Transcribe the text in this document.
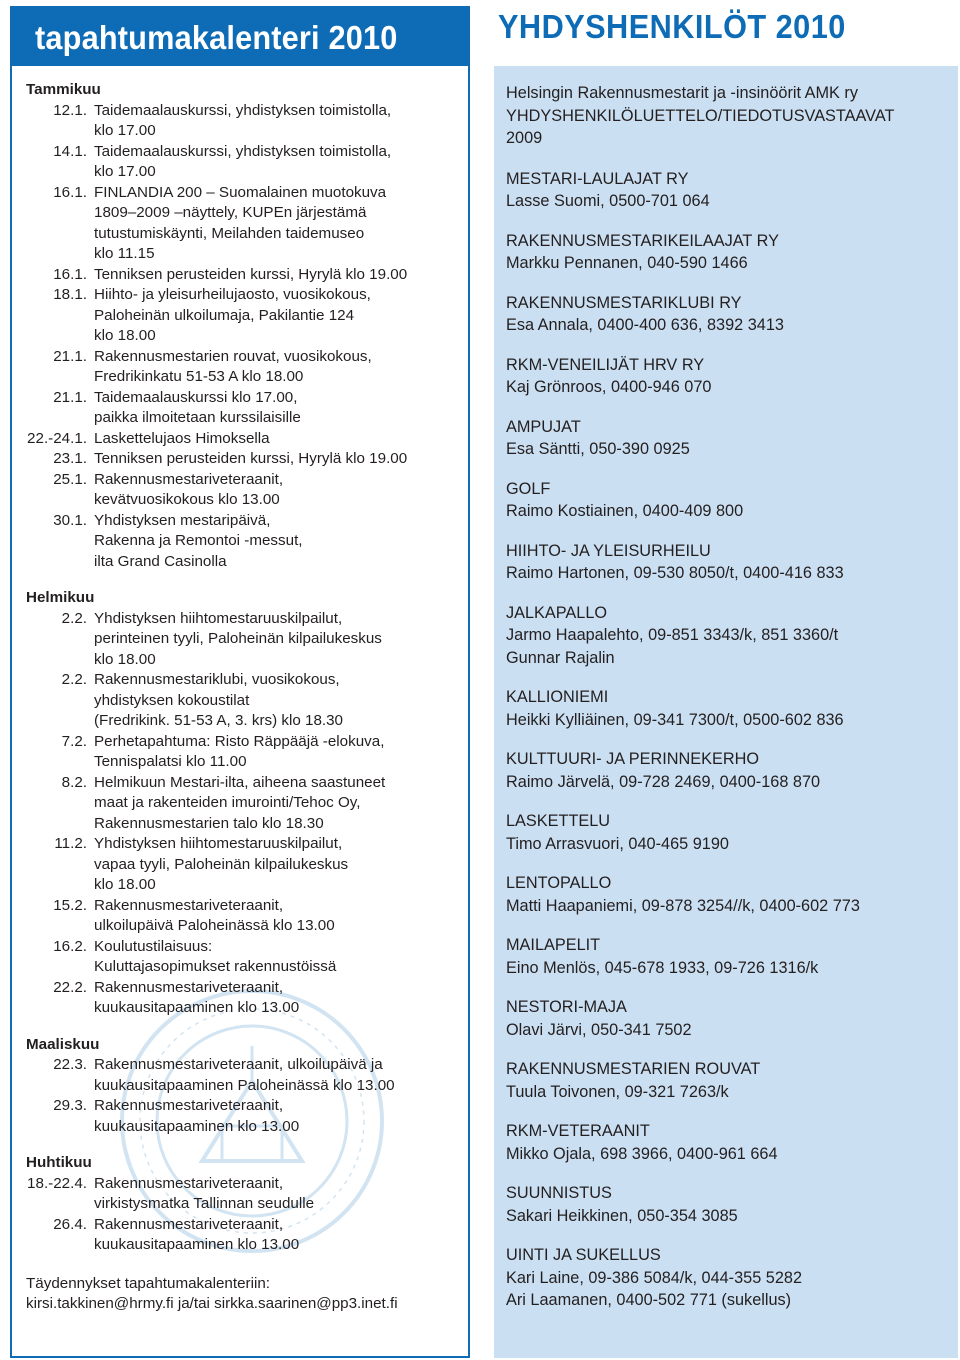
tapahtumakalenteri 2010
Tammikuu
12.1. Taidemaalauskurssi, yhdistyksen toimistolla,
klo 17.00
14.1. Taidemaalauskurssi, yhdistyksen toimistolla,
klo 17.00
16.1. FINLANDIA 200 – Suomalainen muotokuva
1809–2009 –näyttely, KUPEn järjestämä
tutustumiskäynti, Meilahden taidemuseo
klo 11.15
16.1. Tenniksen perusteiden kurssi, Hyrylä klo 19.00
18.1. Hiihto- ja yleisurheilujaosto, vuosikokous,
Paloheinän ulkoilumaja, Pakilantie 124
klo 18.00
21.1. Rakennusmestarien rouvat, vuosikokous,
Fredrikinkatu 51-53 A klo 18.00
21.1. Taidemaalauskurssi klo 17.00,
paikka ilmoitetaan kurssilaisille
22.-24.1. Laskettelujaos Himoksella
23.1. Tenniksen perusteiden kurssi, Hyrylä klo 19.00
25.1. Rakennusmestariveteraanit,
kevätvuosikokous klo 13.00
30.1. Yhdistyksen mestaripäivä,
Rakenna ja Remontoi -messut,
ilta Grand Casinolla
Helmikuu
2.2. Yhdistyksen hiihtomestaruuskilpailut,
perinteinen tyyli, Paloheinän kilpailukeskus
klo 18.00
2.2. Rakennusmestariklubi, vuosikokous,
yhdistyksen kokoustilat
(Fredrikink. 51-53 A, 3. krs) klo 18.30
7.2. Perhetapahtuma: Risto Räppääjä -elokuva,
Tennispalatsi klo 11.00
8.2. Helmikuun Mestari-ilta, aiheena saastuneet
maat ja rakenteiden imurointi/Tehoc Oy,
Rakennusmestarien talo klo 18.30
11.2. Yhdistyksen hiihtomestaruuskilpailut,
vapaa tyyli, Paloheinän kilpailukeskus
klo 18.00
15.2. Rakennusmestariveteraanit,
ulkoilupäivä Paloheinässä klo 13.00
16.2. Koulutustilaisuus:
Kuluttajasopimukset rakennustöissä
22.2. Rakennusmestariveteraanit,
kuukausitapaaminen klo 13.00
Maaliskuu
22.3. Rakennusmestariveteraanit, ulkoilupäivä ja
kuukausitapaaminen Paloheinässä klo 13.00
29.3. Rakennusmestariveteraanit,
kuukausitapaaminen klo 13.00
Huhtikuu
18.-22.4. Rakennusmestariveteraanit,
virkistysmatka Tallinnan seudulle
26.4. Rakennusmestariveteraanit,
kuukausitapaaminen klo 13.00
Täydennykset tapahtumakalenteriin:
kirsi.takkinen@hrmy.fi ja/tai sirkka.saarinen@pp3.inet.fi
YHDYSHENKILÖT 2010
Helsingin Rakennusmestarit ja -insinöörit AMK ry
YHDYSHENKILÖLUETTELO/TIEDOTUSVASTAAVAT
2009
MESTARI-LAULAJAT RY
Lasse Suomi, 0500-701 064
RAKENNUSMESTARIKEILAAJAT RY
Markku Pennanen, 040-590 1466
RAKENNUSMESTARIKLUBI RY
Esa Annala, 0400-400 636, 8392 3413
RKM-VENEILIJÄT HRV RY
Kaj Grönroos, 0400-946 070
AMPUJAT
Esa Säntti, 050-390 0925
GOLF
Raimo Kostiainen, 0400-409 800
HIIHTO- JA YLEISURHEILU
Raimo Hartonen, 09-530 8050/t, 0400-416 833
JALKAPALLO
Jarmo Haapalehto, 09-851 3343/k, 851 3360/t
Gunnar Rajalin
KALLIONIEMI
Heikki Kylliäinen, 09-341 7300/t, 0500-602 836
KULTTUURI- JA PERINNEKERHO
Raimo Järvelä, 09-728 2469, 0400-168 870
LASKETTELU
Timo Arrasvuori, 040-465 9190
LENTOPALLO
Matti Haapaniemi, 09-878 3254//k, 0400-602 773
MAILAPELIT
Eino Menlös, 045-678 1933, 09-726 1316/k
NESTORI-MAJA
Olavi Järvi, 050-341 7502
RAKENNUSMESTARIEN ROUVAT
Tuula Toivonen, 09-321 7263/k
RKM-VETERAANIT
Mikko Ojala, 698 3966, 0400-961 664
SUUNNISTUS
Sakari Heikkinen, 050-354 3085
UINTI JA SUKELLUS
Kari Laine, 09-386 5084/k, 044-355 5282
Ari Laamanen, 0400-502 771 (sukellus)
